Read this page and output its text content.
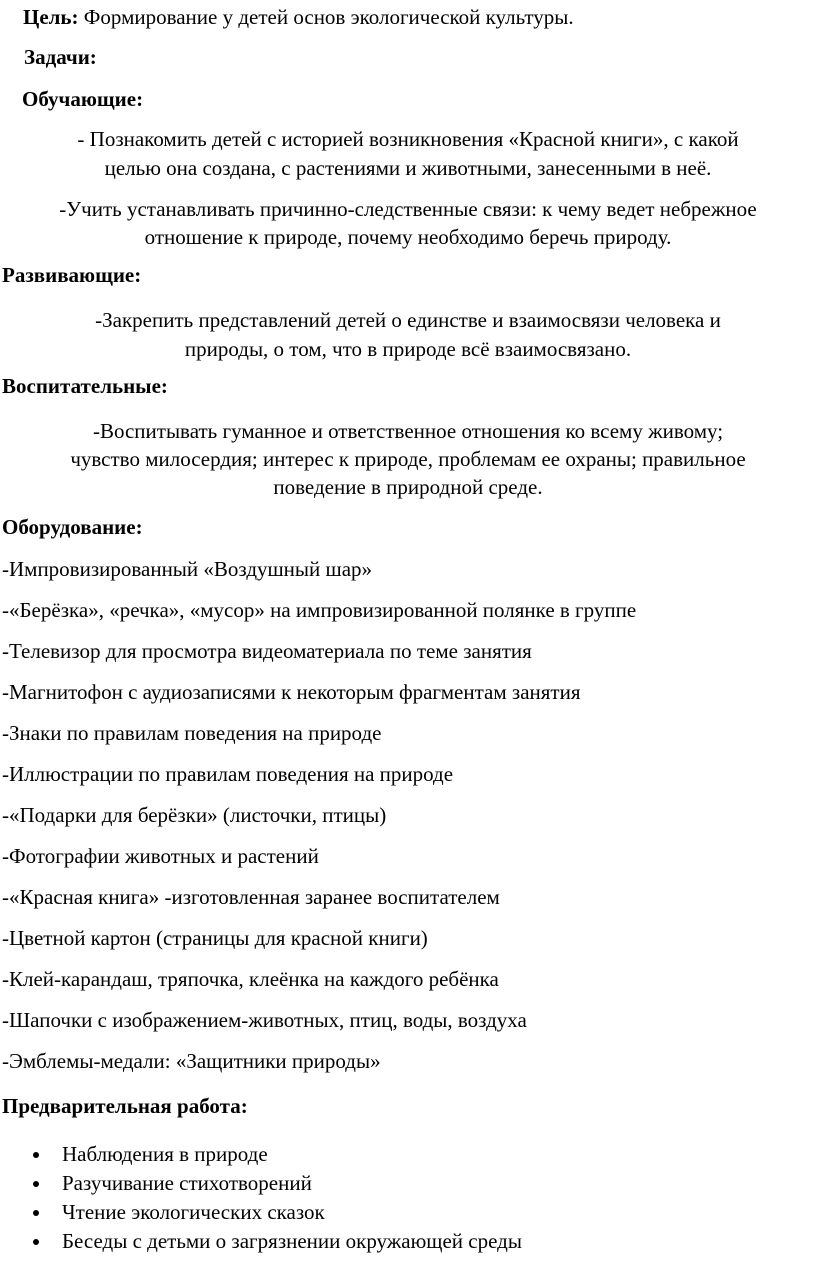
Цель: Формирование у детей основ экологической культуры.
Задачи:
Обучающие:
- Познакомить детей с историей возникновения «Красной книги», с какой
целью она создана, с растениями и животными, занесенными в неё.
-Учить устанавливать причинно-следственные связи: к чему ведет небрежное
отношение к природе, почему необходимо беречь природу.
Развивающие:
-Закрепить представлений детей о единстве и взаимосвязи человека и
природы, о том, что в природе всё взаимосвязано.
Воспитательные:
-Воспитывать гуманное и ответственное отношения ко всему живому;
чувство милосердия; интерес к природе, проблемам ее охраны; правильное
поведение в природной среде.
Оборудование:
-Импровизированный «Воздушный шар»
-«Берёзка», «речка», «мусор» на импровизированной полянке в группе
-Телевизор для просмотра видеоматериала по теме занятия
-Магнитофон с аудиозаписями к некоторым фрагментам занятия
-Знаки по правилам поведения на природе
-Иллюстрации по правилам поведения на природе
-«Подарки для берёзки» (листочки, птицы)
-Фотографии животных и растений
-«Красная книга» -изготовленная заранее воспитателем
-Цветной картон (страницы для красной книги)
-Клей-карандаш, тряпочка, клеёнка на каждого ребёнка
-Шапочки с изображением-животных, птиц, воды, воздуха
-Эмблемы-медали: «Защитники природы»
Предварительная работа:
Наблюдения в природе
Разучивание стихотворений
Чтение экологических сказок
Беседы с детьми о загрязнении окружающей среды
